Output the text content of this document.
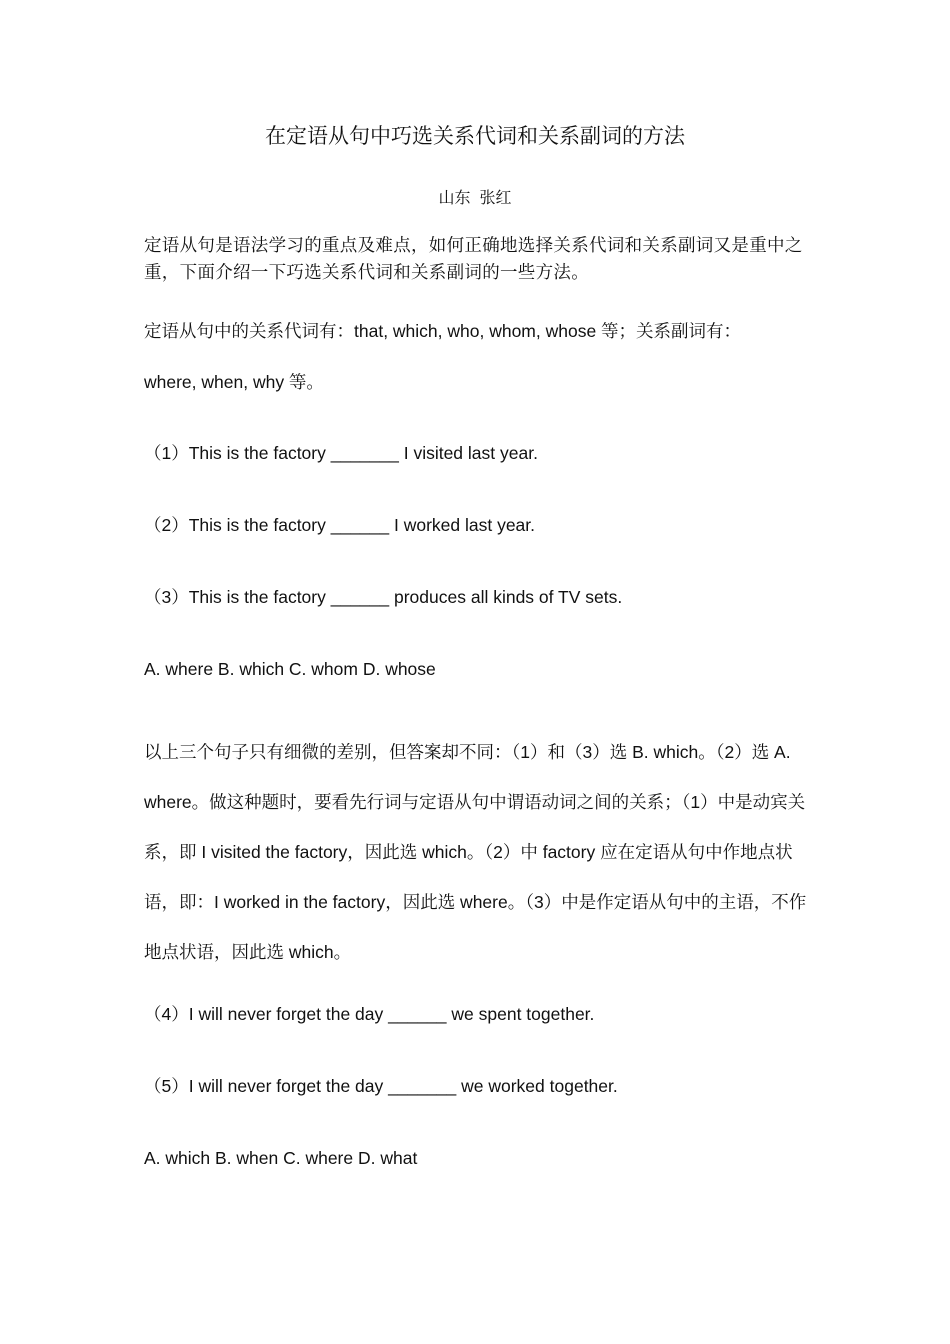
在定语从句中巧选关系代词和关系副词的方法
山东 张红
定语从句是语法学习的重点及难点，如何正确地选择关系代词和关系副词又是重中之重，下面介绍一下巧选关系代词和关系副词的一些方法。
定语从句中的关系代词有：that, which, who, whom, whose 等；关系副词有：
where, when, why 等。
（1）This is the factory _______ I visited last year.
（2）This is the factory ______ I worked last year.
（3）This is the factory ______ produces all kinds of TV sets.
A. where B. which C. whom D. whose
以上三个句子只有细微的差别，但答案却不同：（1）和（3）选 B. which。（2）选 A. where。做这种题时，要看先行词与定语从句中谓语动词之间的关系；（1）中是动宾关系，即 I visited the factory，因此选 which。（2）中 factory 应在定语从句中作地点状语，即：I worked in the factory，因此选 where。（3）中是作定语从句中的主语，不作地点状语，因此选 which。
（4）I will never forget the day ______ we spent together.
（5）I will never forget the day _______ we worked together.
A. which B. when C. where D. what
